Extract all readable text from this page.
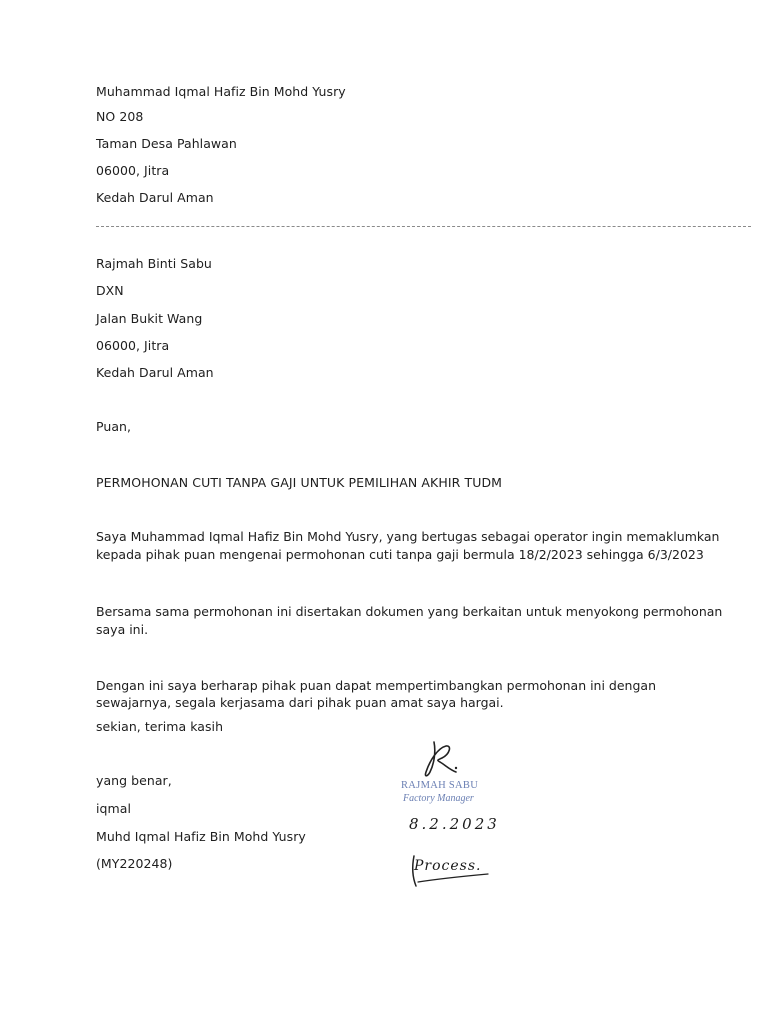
Muhammad Iqmal Hafiz Bin Mohd Yusry
NO 208
Taman Desa Pahlawan
06000, Jitra
Kedah Darul Aman
Rajmah Binti Sabu
DXN
Jalan Bukit Wang
06000, Jitra
Kedah Darul Aman
Puan,
PERMOHONAN CUTI TANPA GAJI UNTUK PEMILIHAN AKHIR TUDM
Saya Muhammad Iqmal Hafiz Bin Mohd Yusry, yang bertugas sebagai operator ingin memaklumkan
kepada pihak puan mengenai permohonan cuti tanpa gaji bermula 18/2/2023 sehingga 6/3/2023
Bersama sama permohonan ini disertakan dokumen yang berkaitan untuk menyokong permohonan
saya ini.
Dengan ini saya berharap pihak puan dapat mempertimbangkan permohonan ini dengan
sewajarnya, segala kerjasama dari pihak puan amat saya hargai.
sekian, terima kasih
yang benar,
iqmal
Muhd Iqmal Hafiz Bin Mohd Yusry
(MY220248)
RAJMAH SABU
Factory Manager
8.2.2023
Process.
